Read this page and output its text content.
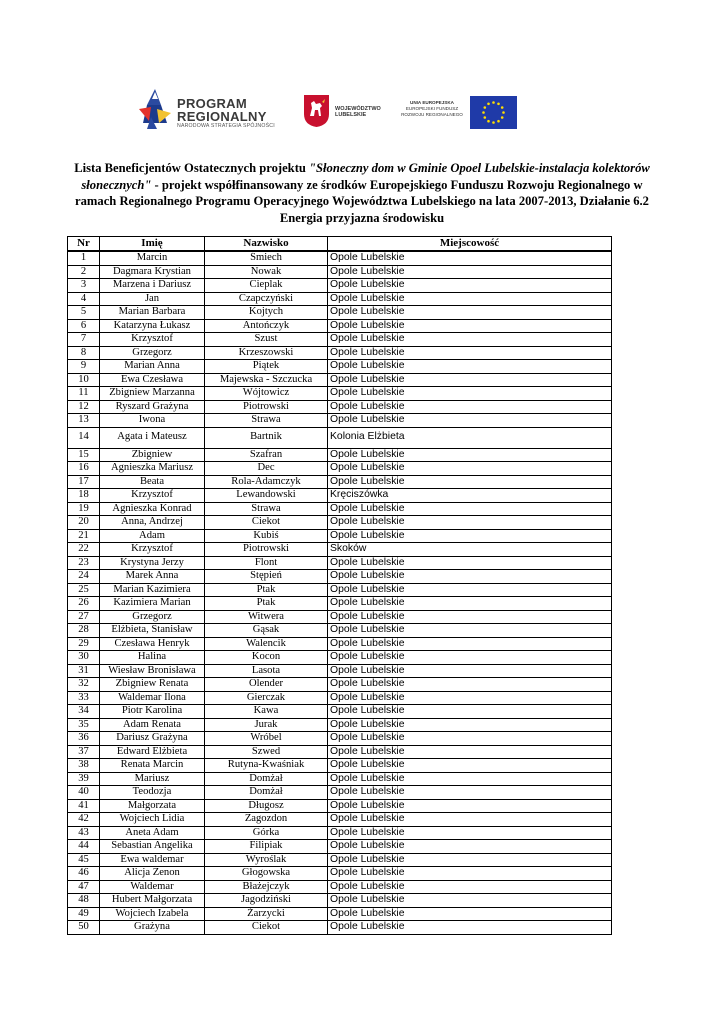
PROGRAM
REGIONALNY
NARODOWA STRATEGIA SPÓJNOŚCI
WOJEWÓDZTWO
LUBELSKIE
UNIA EUROPEJSKA
EUROPEJSKI FUNDUSZ
ROZWOJU REGIONALNEGO
Lista Beneficjentów Ostatecznych projektu "Słoneczny dom w Gminie Opoel Lubelskie-instalacja kolektorów słonecznych" - projekt współfinansowany ze środków Europejskiego Funduszu Rozwoju Regionalnego w ramach Regionalnego Programu Operacyjnego Województwa Lubelskiego na lata 2007-2013, Działanie 6.2 Energia przyjazna środowisku
Nr	Imię	Nazwisko	Miejscowość
1	Marcin	Śmiech	Opole Lubelskie
2	Dagmara Krystian	Nowak	Opole Lubelskie
3	Marzena i Dariusz	Cieplak	Opole Lubelskie
4	Jan	Czapczyński	Opole Lubelskie
5	Marian Barbara	Kojtych	Opole Lubelskie
6	Katarzyna Łukasz	Antończyk	Opole Lubelskie
7	Krzysztof	Szust	Opole Lubelskie
8	Grzegorz	Krzeszowski	Opole Lubelskie
9	Marian Anna	Piątek	Opole Lubelskie
10	Ewa Czesława	Majewska - Szczucka	Opole Lubelskie
11	Zbigniew Marzanna	Wójtowicz	Opole Lubelskie
12	Ryszard Grażyna	Piotrowski	Opole Lubelskie
13	Iwona	Strawa	Opole Lubelskie
14	Agata i Mateusz	Bartnik	Kolonia Elżbieta
15	Zbigniew	Szafran	Opole Lubelskie
16	Agnieszka Mariusz	Dec	Opole Lubelskie
17	Beata	Rola-Adamczyk	Opole Lubelskie
18	Krzysztof	Lewandowski	Kręciszówka
19	Agnieszka Konrad	Strawa	Opole Lubelskie
20	Anna, Andrzej	Ciekot	Opole Lubelskie
21	Adam	Kubiś	Opole Lubelskie
22	Krzysztof	Piotrowski	Skoków
23	Krystyna Jerzy	Flont	Opole Lubelskie
24	Marek Anna	Stępień	Opole Lubelskie
25	Marian Kazimiera	Ptak	Opole Lubelskie
26	Kazimiera Marian	Ptak	Opole Lubelskie
27	Grzegorz	Witwera	Opole Lubelskie
28	Elżbieta, Stanisław	Gąsak	Opole Lubelskie
29	Czesława Henryk	Walencik	Opole Lubelskie
30	Halina	Kocon	Opole Lubelskie
31	Wiesław Bronisława	Lasota	Opole Lubelskie
32	Zbigniew Renata	Olender	Opole Lubelskie
33	Waldemar Ilona	Gierczak	Opole Lubelskie
34	Piotr Karolina	Kawa	Opole Lubelskie
35	Adam Renata	Jurak	Opole Lubelskie
36	Dariusz Grażyna	Wróbel	Opole Lubelskie
37	Edward Elżbieta	Szwed	Opole Lubelskie
38	Renata Marcin	Rutyna-Kwaśniak	Opole Lubelskie
39	Mariusz	Domżał	Opole Lubelskie
40	Teodozja	Domżał	Opole Lubelskie
41	Małgorzata	Długosz	Opole Lubelskie
42	Wojciech Lidia	Zagozdon	Opole Lubelskie
43	Aneta Adam	Górka	Opole Lubelskie
44	Sebastian Angelika	Filipiak	Opole Lubelskie
45	Ewa waldemar	Wyroślak	Opole Lubelskie
46	Alicja Zenon	Głogowska	Opole Lubelskie
47	Waldemar	Błażejczyk	Opole Lubelskie
48	Hubert Małgorzata	Jagodziński	Opole Lubelskie
49	Wojciech Izabela	Żarzycki	Opole Lubelskie
50	Grażyna	Ciekot	Opole Lubelskie
